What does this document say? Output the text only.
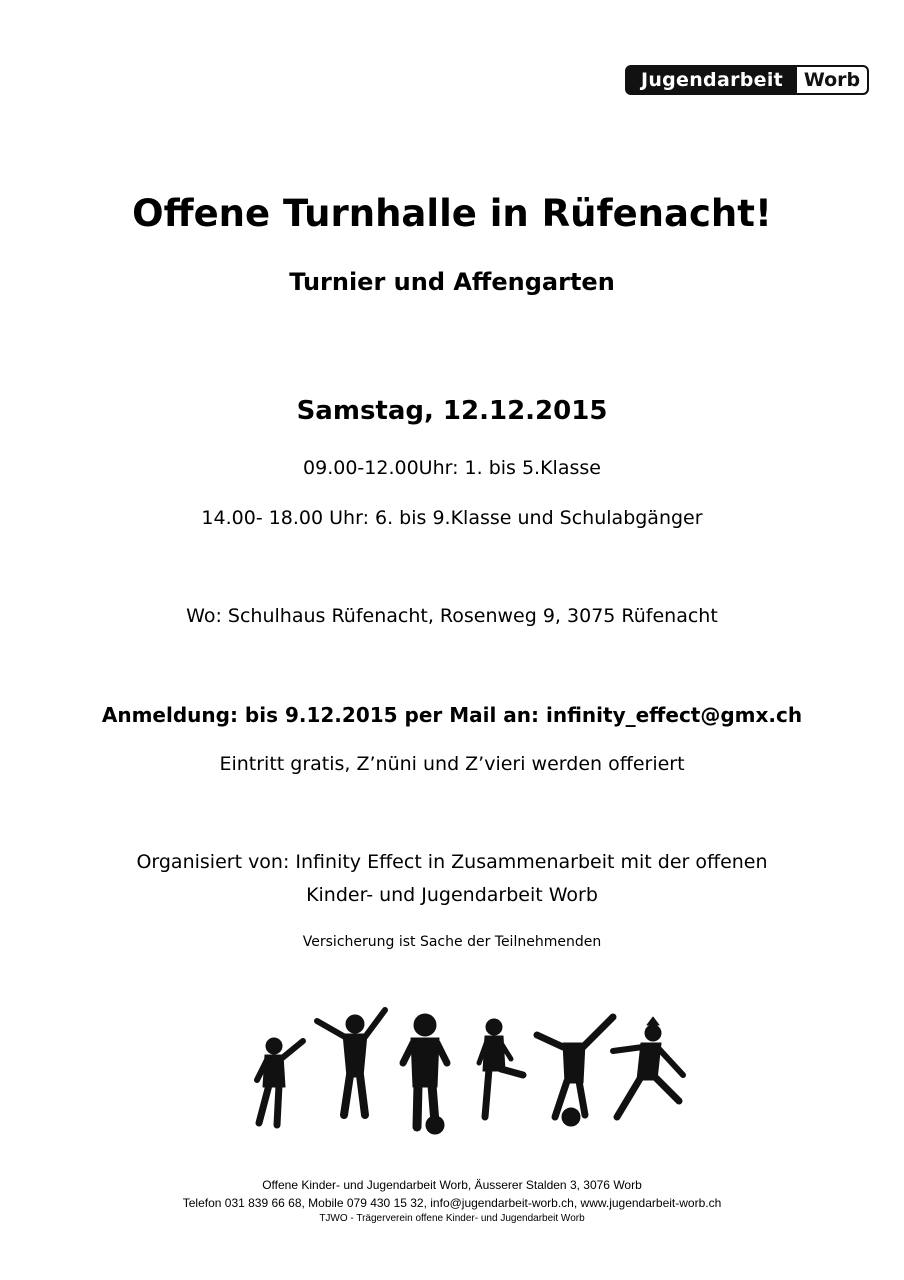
Jugendarbeit	Worb
Offene Turnhalle in Rüfenacht!
Turnier und Affengarten
Samstag, 12.12.2015
09.00-12.00Uhr: 1. bis 5.Klasse
14.00- 18.00 Uhr: 6. bis 9.Klasse und Schulabgänger
Wo: Schulhaus Rüfenacht, Rosenweg 9, 3075 Rüfenacht
Anmeldung: bis 9.12.2015 per Mail an: infinity_effect@gmx.ch
Eintritt gratis, Z’nüni und Z’vieri werden offeriert
Organisiert von: Infinity Effect in Zusammenarbeit mit der offenen
Kinder- und Jugendarbeit Worb
Versicherung ist Sache der Teilnehmenden
Offene Kinder- und Jugendarbeit Worb, Äusserer Stalden 3, 3076 Worb
Telefon 031 839 66 68, Mobile 079 430 15 32, info@jugendarbeit-worb.ch, www.jugendarbeit-worb.ch
TJWO - Trägerverein offene Kinder- und Jugendarbeit Worb
